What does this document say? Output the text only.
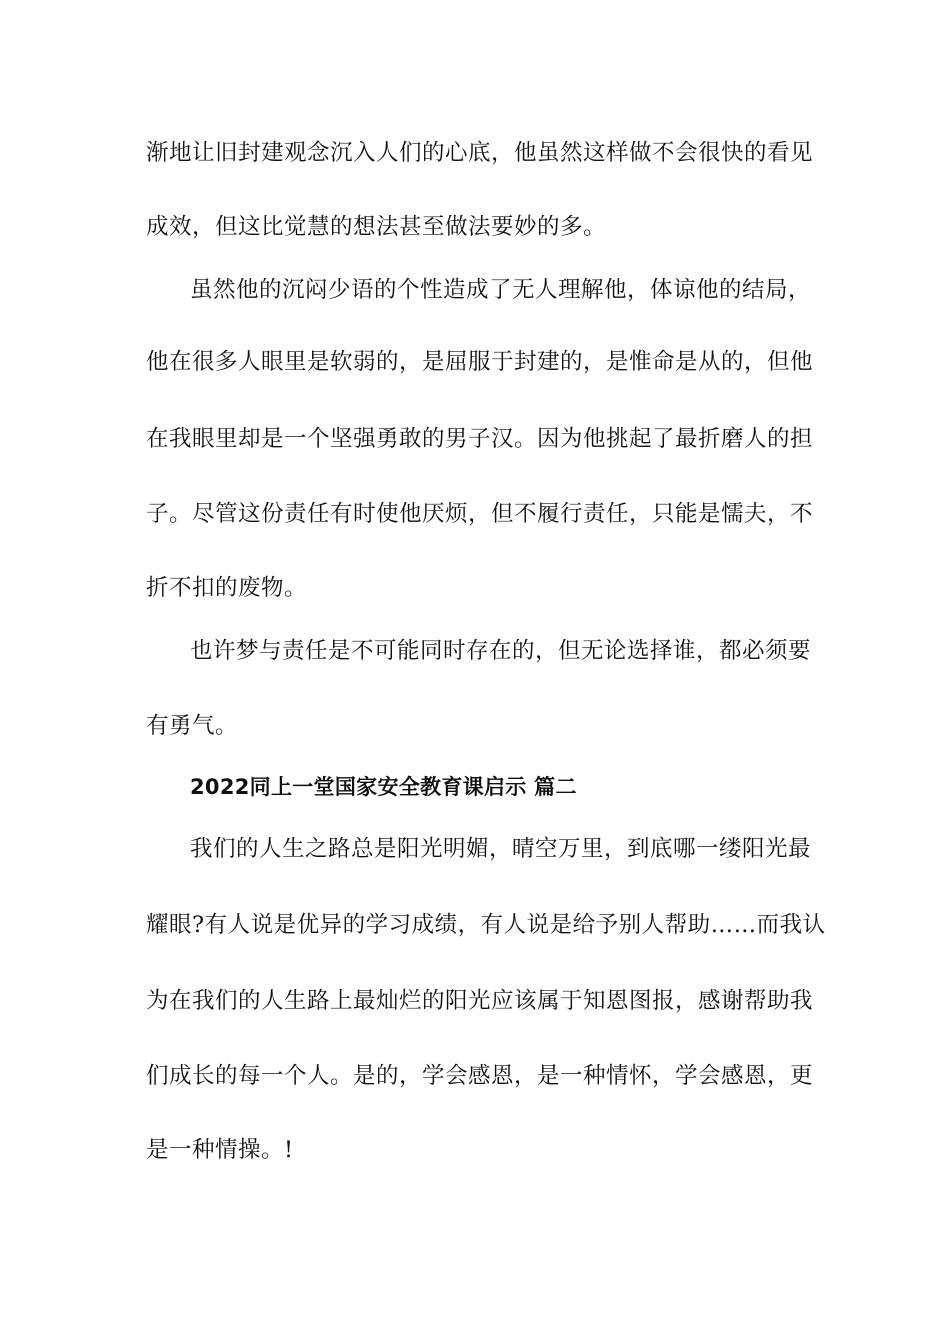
渐地让旧封建观念沉入人们的心底，他虽然这样做不会很快的看见
成效，但这比觉慧的想法甚至做法要妙的多。
虽然他的沉闷少语的个性造成了无人理解他，体谅他的结局，
他在很多人眼里是软弱的，是屈服于封建的，是惟命是从的，但他
在我眼里却是一个坚强勇敢的男子汉。因为他挑起了最折磨人的担
子。尽管这份责任有时使他厌烦，但不履行责任，只能是懦夫，不
折不扣的废物。
也许梦与责任是不可能同时存在的，但无论选择谁，都必须要
有勇气。
2022同上一堂国家安全教育课启示 篇二
我们的人生之路总是阳光明媚，晴空万里，到底哪一缕阳光最
耀眼?有人说是优异的学习成绩，有人说是给予别人帮助……而我认
为在我们的人生路上最灿烂的阳光应该属于知恩图报，感谢帮助我
们成长的每一个人。是的，学会感恩，是一种情怀，学会感恩，更
是一种情操。!
